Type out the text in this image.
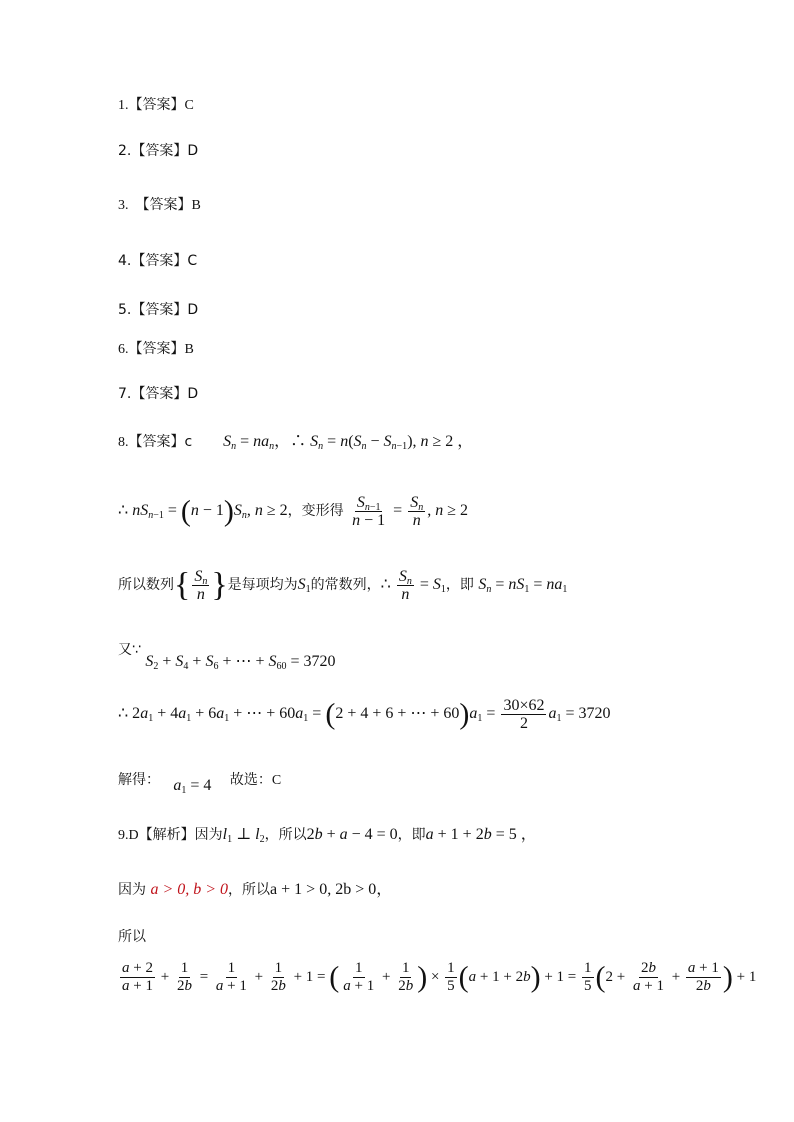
1.【答案】C
2.【答案】D
3. 【答案】B
4.【答案】C
5.【答案】D
6.【答案】B
7.【答案】D
8.【答案】c $S_n = na_n$，∴ $S_n = n(S_n - S_{n-1})$, n ≥ 2 ，
∴ $nS_{n-1} = (n - 1)S_n$, n ≥ 2，变形得 $\frac{S_{n-1}}{n - 1} = \frac{S_n}{n}$ , n ≥ 2
所以数列{ $\frac{S_n}{n}$ }是每项均为$S_1$的常数列，∴ $\frac{S_n}{n} = S_1$，即 $S_n = nS_1 = na_1$
又∵ $S_2 + S_4 + S_6$ + ⋯ + $S_{60} = 3720$
∴ $2a_1 + 4a_1 + 6a_1$ + ⋯ + $60a_1 = (2 + 4 + 6$ + ⋯ + $60)a_1 = \frac{30\times 62}{2} a_1 = 3720$
解得： $a_1 = 4$ 故选：C
9.D【解析】因为$l_1$ ⊥ $l_2$，所以2b + a − 4 = 0，即a + 1 + 2b = 5 ，
因为 a > 0, b > 0，所以a + 1 > 0, 2b > 0，
所以
$\frac{a + 2}{a + 1} + \frac{1}{2b} = \frac{1}{a + 1} + \frac{1}{2b} + 1$ = ( $\frac{1}{a + 1} + \frac{1}{2b}$ ) × $\frac{1}{5} (a + 1 + 2b) + 1 = \frac{1}{5} (2 + \frac{2b}{a + 1} + \frac{a + 1}{2b}$ ) + 1
